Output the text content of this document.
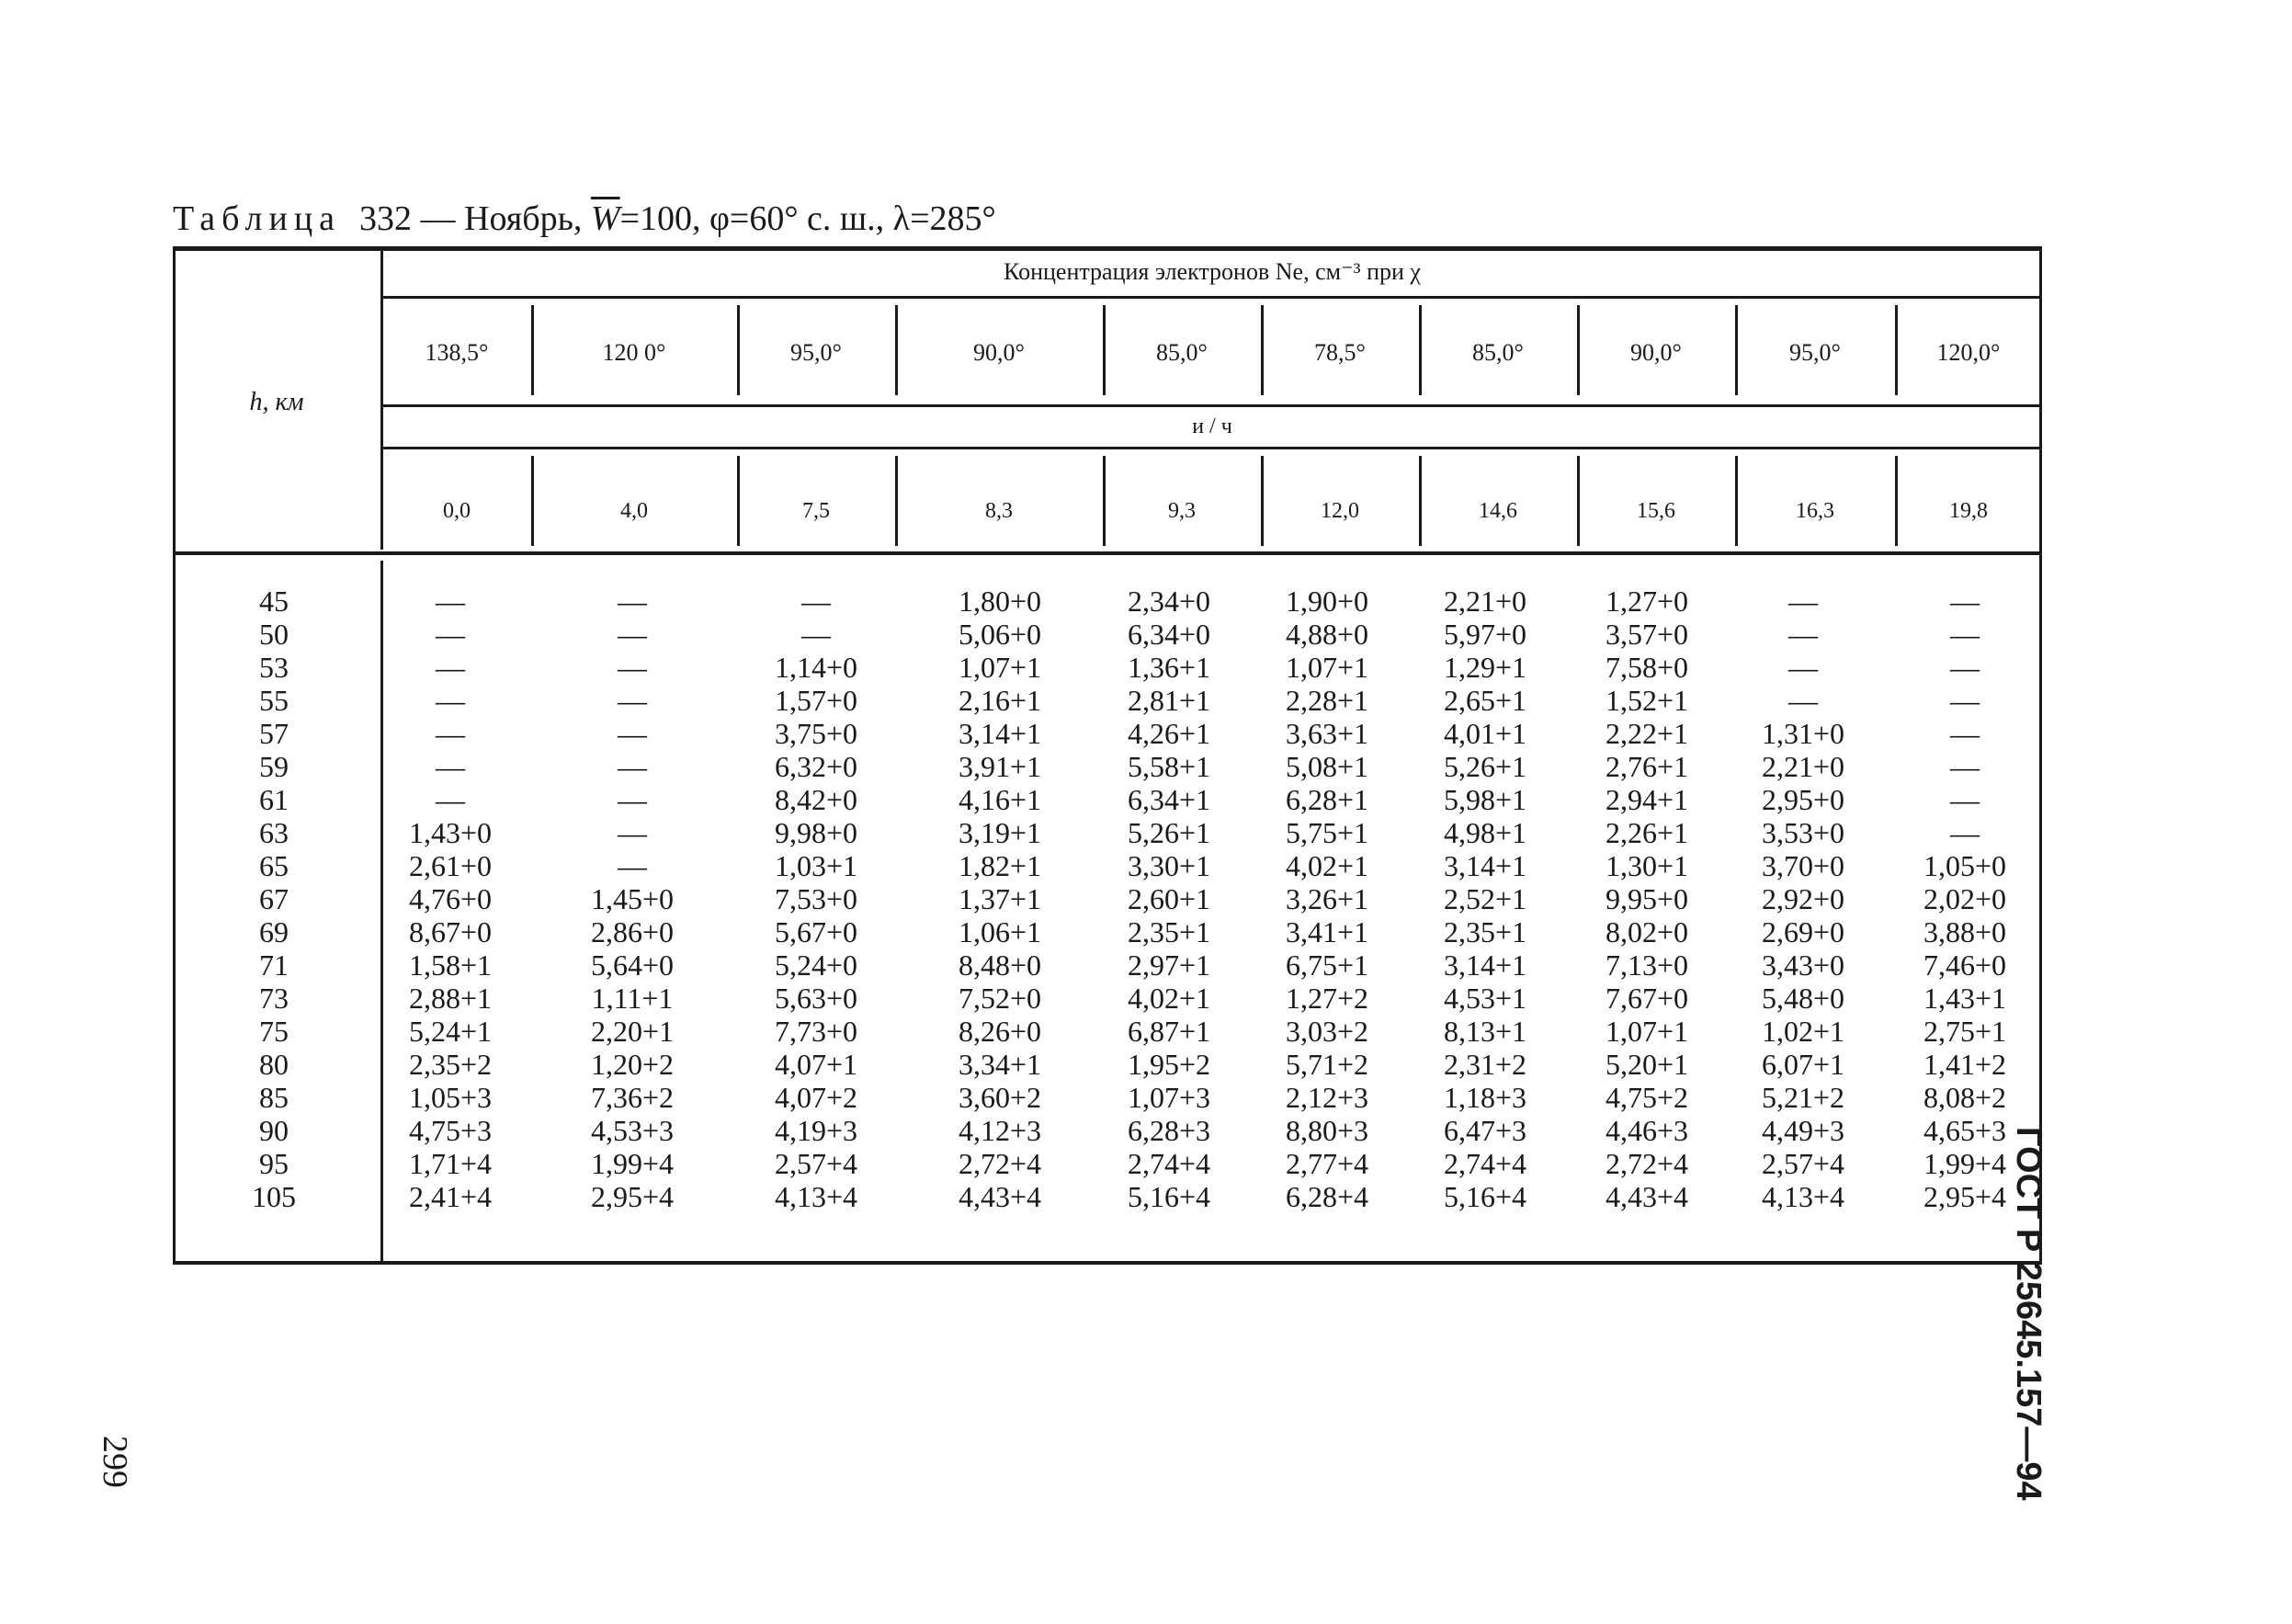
Таблица 332 — Ноябрь, $\overline{W}=100$, φ=60° с. ш., λ=285°
h, км
Концентрация электронов Ne, см⁻³ при χ
и / ч
138,5°
0,0
120 0°
4,0
95,0°
7,5
90,0°
8,3
85,0°
9,3
78,5°
12,0
85,0°
14,6
90,0°
15,6
95,0°
16,3
120,0°
19,8
45
50
53
55
57
59
61
63
65
67
69
71
73
75
80
85
90
95
105
—
—
—
—
—
—
—
1,43+0
2,61+0
4,76+0
8,67+0
1,58+1
2,88+1
5,24+1
2,35+2
1,05+3
4,75+3
1,71+4
2,41+4
—
—
—
—
—
—
—
—
—
1,45+0
2,86+0
5,64+0
1,11+1
2,20+1
1,20+2
7,36+2
4,53+3
1,99+4
2,95+4
—
—
1,14+0
1,57+0
3,75+0
6,32+0
8,42+0
9,98+0
1,03+1
7,53+0
5,67+0
5,24+0
5,63+0
7,73+0
4,07+1
4,07+2
4,19+3
2,57+4
4,13+4
1,80+0
5,06+0
1,07+1
2,16+1
3,14+1
3,91+1
4,16+1
3,19+1
1,82+1
1,37+1
1,06+1
8,48+0
7,52+0
8,26+0
3,34+1
3,60+2
4,12+3
2,72+4
4,43+4
2,34+0
6,34+0
1,36+1
2,81+1
4,26+1
5,58+1
6,34+1
5,26+1
3,30+1
2,60+1
2,35+1
2,97+1
4,02+1
6,87+1
1,95+2
1,07+3
6,28+3
2,74+4
5,16+4
1,90+0
4,88+0
1,07+1
2,28+1
3,63+1
5,08+1
6,28+1
5,75+1
4,02+1
3,26+1
3,41+1
6,75+1
1,27+2
3,03+2
5,71+2
2,12+3
8,80+3
2,77+4
6,28+4
2,21+0
5,97+0
1,29+1
2,65+1
4,01+1
5,26+1
5,98+1
4,98+1
3,14+1
2,52+1
2,35+1
3,14+1
4,53+1
8,13+1
2,31+2
1,18+3
6,47+3
2,74+4
5,16+4
1,27+0
3,57+0
7,58+0
1,52+1
2,22+1
2,76+1
2,94+1
2,26+1
1,30+1
9,95+0
8,02+0
7,13+0
7,67+0
1,07+1
5,20+1
4,75+2
4,46+3
2,72+4
4,43+4
—
—
—
—
1,31+0
2,21+0
2,95+0
3,53+0
3,70+0
2,92+0
2,69+0
3,43+0
5,48+0
1,02+1
6,07+1
5,21+2
4,49+3
2,57+4
4,13+4
—
—
—
—
—
—
—
—
1,05+0
2,02+0
3,88+0
7,46+0
1,43+1
2,75+1
1,41+2
8,08+2
4,65+3
1,99+4
2,95+4 ГОСТ Р 25645.157—94
299
